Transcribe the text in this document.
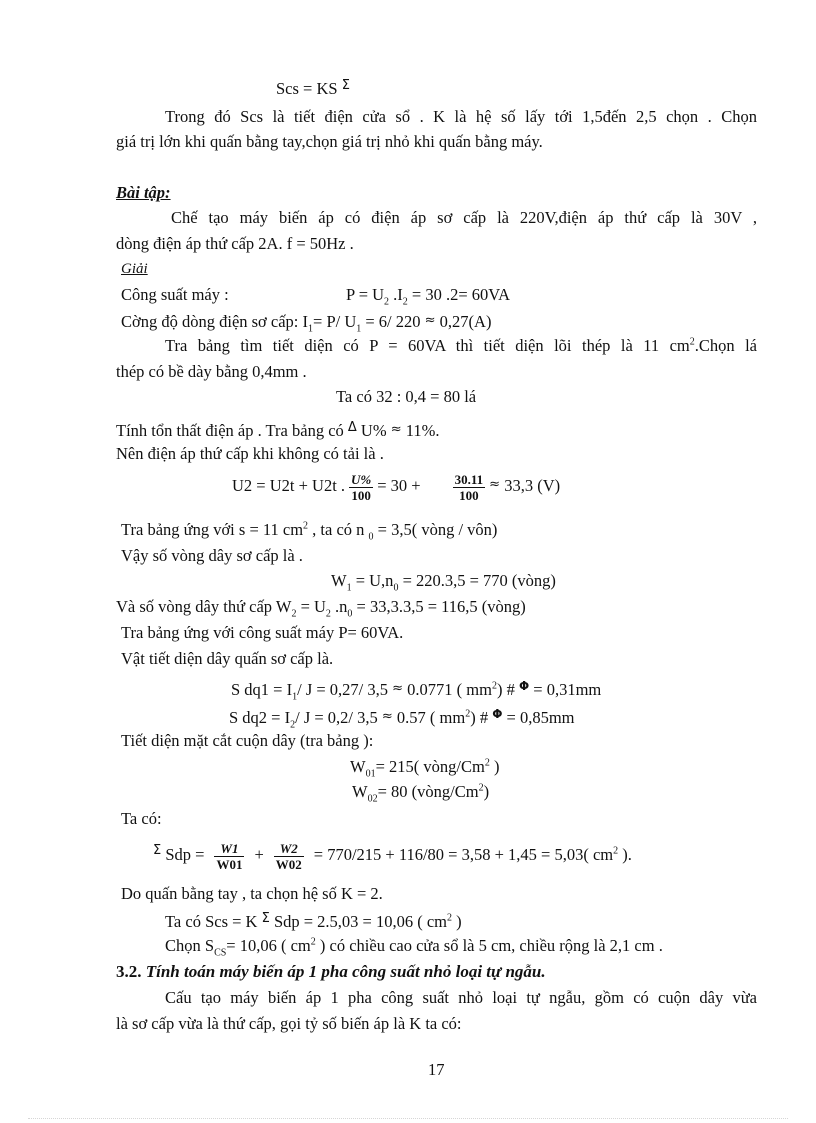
Scs = KS $^\Sigma$
Trong đó Scs là tiết điện cửa sổ . K là hệ số lấy tới 1,5đến 2,5 chọn . Chọn
giá trị lớn khi quấn bằng tay,chọn giá trị nhỏ khi quấn bằng máy.
Bài tập:
Chế tạo máy biến áp có điện áp sơ cấp là 220V,điện áp thứ cấp là 30V ,
dòng điện áp thứ cấp 2A. f = 50Hz .
Giải
Công suất máy :	$P = U_2$ $.I_2 = 30$ .2= 60VA
Cờng độ dòng điện sơ cấp: $I_1= P/$ $U_1 = 6/$ 220 ≈ 0,27(A)
Tra bảng tìm tiết diện có P = 60VA thì tiết diện lõi thép là 11 $cm^2.Chọn$ lá
thép có bề dày bằng 0,4mm .
Ta có 32 : 0,4 = 80 lá
Tính tổn thất điện áp . Tra bảng có $^\Delta$ U% ≈ 11%.
Nên điện áp thứ cấp khi không có tải là .
U2 = U2t + U2t . $\frac{U\%}{100} = 30 + \frac{30.11}{100} \approx 33,3$ (V)
Tra bảng ứng với s = 11 $cm^2$ , ta có n $_0$ = 3,5( vòng / vôn)
Vậy số vòng dây sơ cấp là .
$W_1 = U,n_0 = 220.3,5 = 770$ (vòng)
Và số vòng dây thứ cấp $W_2 = U_2$ $.n_0 = 33,3.3,5 = 116,5$ (vòng)
Tra bảng ứng với công suất máy P= 60VA.
Vật tiết diện dây quấn sơ cấp là.
S $dq1 = I_1/$ J = 0,27/ 3,5 ≈ 0.0771 ( $mm^2$) # $^\Phi$ = 0,31mm
S $dq2 = I_2/$ J = 0,2/ 3,5 ≈ 0.57 ( $mm^2$) # $^\Phi$ = 0,85mm
Tiết diện mặt cắt cuộn dây (tra bảng ):
$W_{01}= 215$( vòng/Cm$^2$ )
$W_{02}= 80$ (vòng/Cm$^2$)
Ta có:
$^\Sigma$ Sdp = $\frac{W1}{W01} + \frac{W2}{W02} = 770/215 + 116/80 = 3,58 + 1,45 = 5,03$( $cm^2$ ).
Do quấn bằng tay , ta chọn hệ số K = 2.
Ta có Scs = K $^\Sigma$ Sdp = 2.5,03 = 10,06 ( $cm^2$ )
Chọn $S_{CS}= 10,06$ ( $cm^2$ ) có chiều cao cửa sổ là 5 cm, chiều rộng là 2,1 cm .
3.2. Tính toán máy biến áp 1 pha công suất nhỏ loại tự ngẫu.
Cấu tạo máy biến áp 1 pha công suất nhỏ loại tự ngẫu, gồm có cuộn dây vừa
là sơ cấp vừa là thứ cấp, gọi tỷ số biến áp là K ta có:
17
